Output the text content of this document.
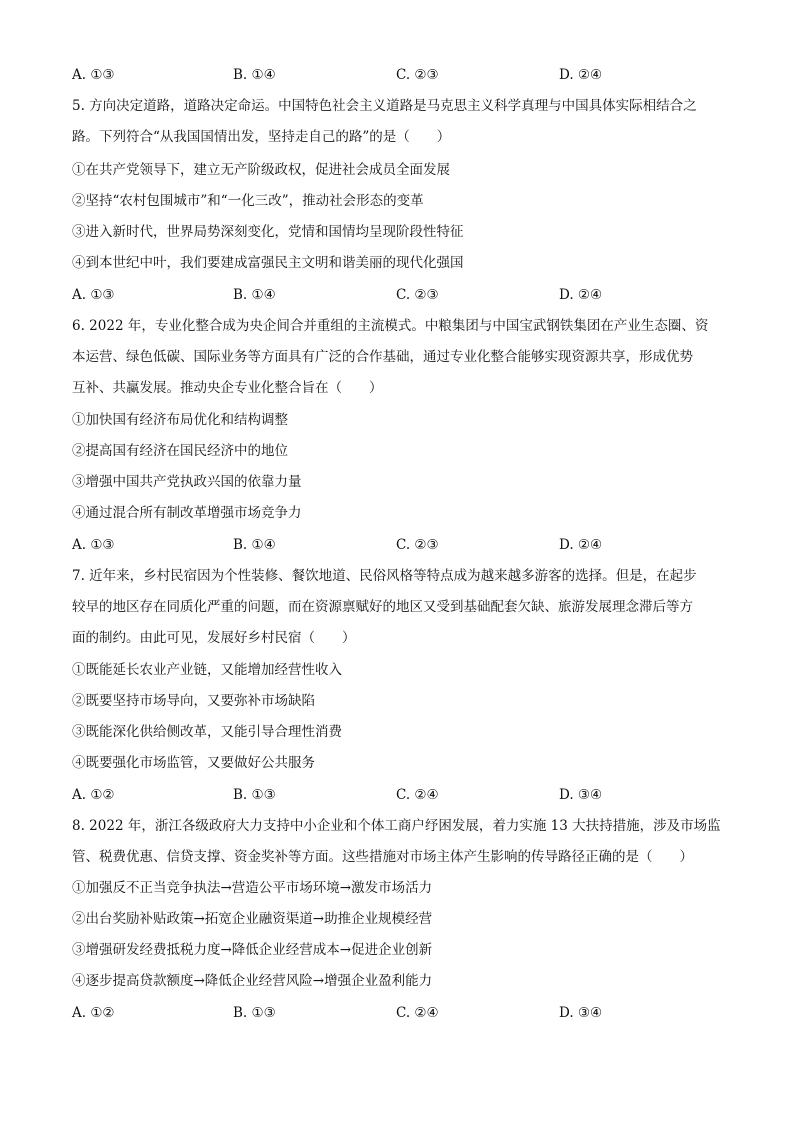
A. ①③	B. ①④	C. ②③	D. ②④
5. 方向决定道路，道路决定命运。中国特色社会主义道路是马克思主义科学真理与中国具体实际相结合之
路。下列符合“从我国国情出发，坚持走自己的路”的是（　　）
①在共产党领导下，建立无产阶级政权，促进社会成员全面发展
②坚持“农村包围城市”和“一化三改”，推动社会形态的变革
③进入新时代，世界局势深刻变化，党情和国情均呈现阶段性特征
④到本世纪中叶，我们要建成富强民主文明和谐美丽的现代化强国
A. ①③	B. ①④	C. ②③	D. ②④
6. 2022 年，专业化整合成为央企间合并重组的主流模式。中粮集团与中国宝武钢铁集团在产业生态圈、资
本运营、绿色低碳、国际业务等方面具有广泛的合作基础，通过专业化整合能够实现资源共享，形成优势
互补、共赢发展。推动央企专业化整合旨在（　　）
①加快国有经济布局优化和结构调整
②提高国有经济在国民经济中的地位
③增强中国共产党执政兴国的依靠力量
④通过混合所有制改革增强市场竞争力
A. ①③	B. ①④	C. ②③	D. ②④
7. 近年来，乡村民宿因为个性装修、餐饮地道、民俗风格等特点成为越来越多游客的选择。但是，在起步
较早的地区存在同质化严重的问题，而在资源禀赋好的地区又受到基础配套欠缺、旅游发展理念滞后等方
面的制约。由此可见，发展好乡村民宿（　　）
①既能延长农业产业链，又能增加经营性收入
②既要坚持市场导向，又要弥补市场缺陷
③既能深化供给侧改革，又能引导合理性消费
④既要强化市场监管，又要做好公共服务
A. ①②	B. ①③	C. ②④	D. ③④
8. 2022 年，浙江各级政府大力支持中小企业和个体工商户纾困发展，着力实施 13 大扶持措施，涉及市场监
管、税费优惠、信贷支撑、资金奖补等方面。这些措施对市场主体产生影响的传导路径正确的是（　　）
①加强反不正当竞争执法→营造公平市场环境→激发市场活力
②出台奖励补贴政策→拓宽企业融资渠道→助推企业规模经营
③增强研发经费抵税力度→降低企业经营成本→促进企业创新
④逐步提高贷款额度→降低企业经营风险→增强企业盈利能力
A. ①②	B. ①③	C. ②④	D. ③④
